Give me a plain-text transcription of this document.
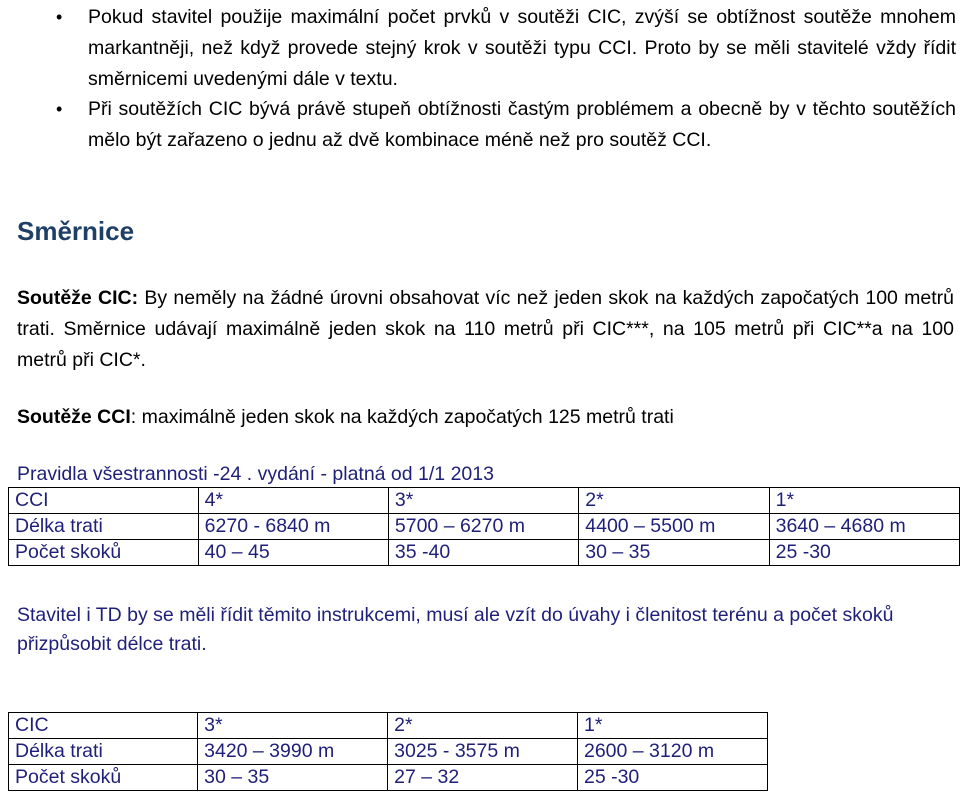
• Pokud stavitel použije maximální počet prvků v soutěži CIC, zvýší se obtížnost soutěže mnohem markantněji, než když provede stejný krok v soutěži typu CCI. Proto by se měli stavitelé vždy řídit směrnicemi uvedenými dále v textu.
• Při soutěžích CIC bývá právě stupeň obtížnosti častým problémem a obecně by v těchto soutěžích mělo být zařazeno o jednu až dvě kombinace méně než pro soutěž CCI.
Směrnice
Soutěže CIC: By neměly na žádné úrovni obsahovat víc než jeden skok na každých započatých 100 metrů trati. Směrnice udávají maximálně jeden skok na 110 metrů při CIC***, na 105 metrů při CIC**a na 100 metrů při CIC*.
Soutěže CCI: maximálně jeden skok na každých započatých 125 metrů trati
Pravidla všestrannosti -24 . vydání - platná od 1/1 2013
CCI	4*	3*	2*	1*
Délka trati	6270 - 6840 m	5700 – 6270 m	4400 – 5500 m	3640 – 4680 m
Počet skoků	40 – 45	35 -40	30 – 35	25 -30
Stavitel i TD by se měli řídit těmito instrukcemi, musí ale vzít do úvahy i členitost terénu a počet skoků přizpůsobit délce trati.
CIC	3*	2*	1*
Délka trati	3420 – 3990 m	3025 - 3575 m	2600 – 3120 m
Počet skoků	30 – 35	27 – 32	25 -30
